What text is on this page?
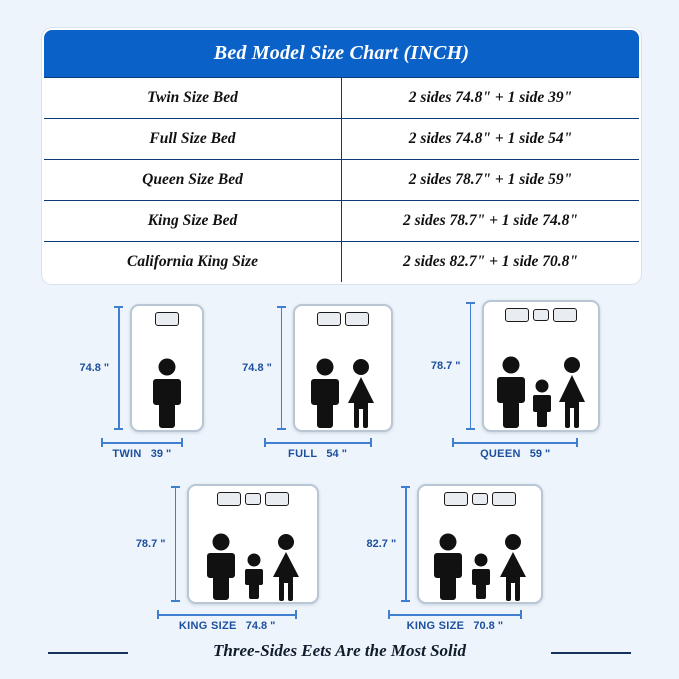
Bed Model Size Chart (INCH)	
Twin Size Bed	2 sides 74.8" + 1 side 39"
Full Size Bed	2 sides 74.8" + 1 side 54"
Queen Size Bed	2 sides 78.7" + 1 side 59"
King Size Bed	2 sides 78.7" + 1 side 74.8"
California King Size	2 sides 82.7" + 1 side 70.8"
74.8 "
TWIN 39 "
74.8 "
FULL 54 "
78.7 "
QUEEN 59 "
78.7 "
KING SIZE 74.8 "
82.7 "
KING SIZE 70.8 "
Three-Sides Eets Are the Most Solid
